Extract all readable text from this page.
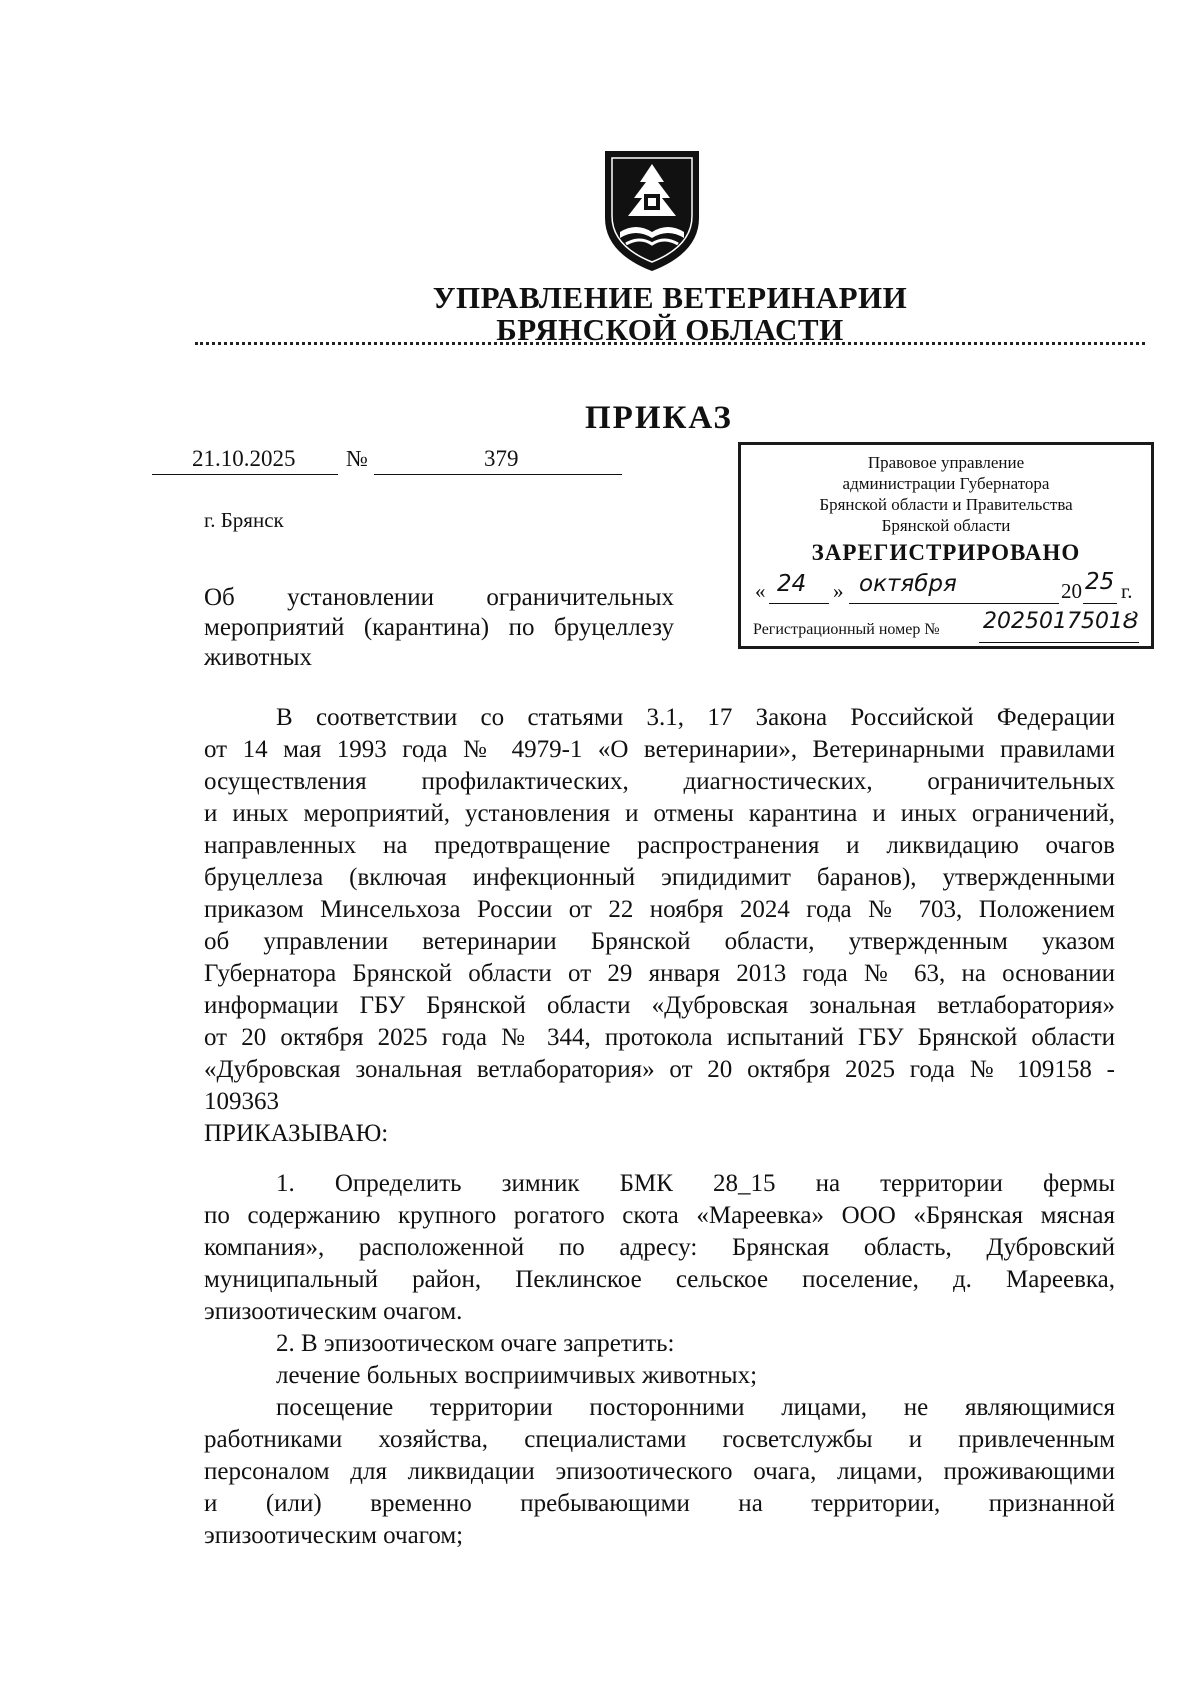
УПРАВЛЕНИЕ ВЕТЕРИНАРИИ
БРЯНСКОЙ ОБЛАСТИ
ПРИКАЗ
21.10.2025 №	379
г. Брянск
Об установлении ограничительных
мероприятий (карантина) по бруцеллезу
животных
Правовое управление
администрации Губернатора
Брянской области и Правительства
Брянской области
ЗАРЕГИСТРИРОВАНО
« 24 » октября	20 25 г.
Регистрационный номер № 2025017501Ȣ
В соответствии со статьями 3.1, 17 Закона Российской Федерации
от 14 мая 1993 года № 4979-1 «О ветеринарии», Ветеринарными правилами
осуществления профилактических, диагностических, ограничительных
и иных мероприятий, установления и отмены карантина и иных ограничений,
направленных на предотвращение распространения и ликвидацию очагов
бруцеллеза (включая инфекционный эпидидимит баранов), утвержденными
приказом Минсельхоза России от 22 ноября 2024 года № 703, Положением
об управлении ветеринарии Брянской области, утвержденным указом
Губернатора Брянской области от 29 января 2013 года № 63, на основании
информации ГБУ Брянской области «Дубровская зональная ветлаборатория»
от 20 октября 2025 года № 344, протокола испытаний ГБУ Брянской области
«Дубровская зональная ветлаборатория» от 20 октября 2025 года № 109158 -
109363
ПРИКАЗЫВАЮ:
1. Определить зимник БМК 28_15 на территории фермы
по содержанию крупного рогатого скота «Мареевка» ООО «Брянская мясная
компания», расположенной по адресу: Брянская область, Дубровский
муниципальный район, Пеклинское сельское поселение, д. Мареевка,
эпизоотическим очагом.
2. В эпизоотическом очаге запретить:
лечение больных восприимчивых животных;
посещение территории посторонними лицами, не являющимися
работниками хозяйства, специалистами госветслужбы и привлеченным
персоналом для ликвидации эпизоотического очага, лицами, проживающими
и (или) временно пребывающими на территории, признанной
эпизоотическим очагом;
